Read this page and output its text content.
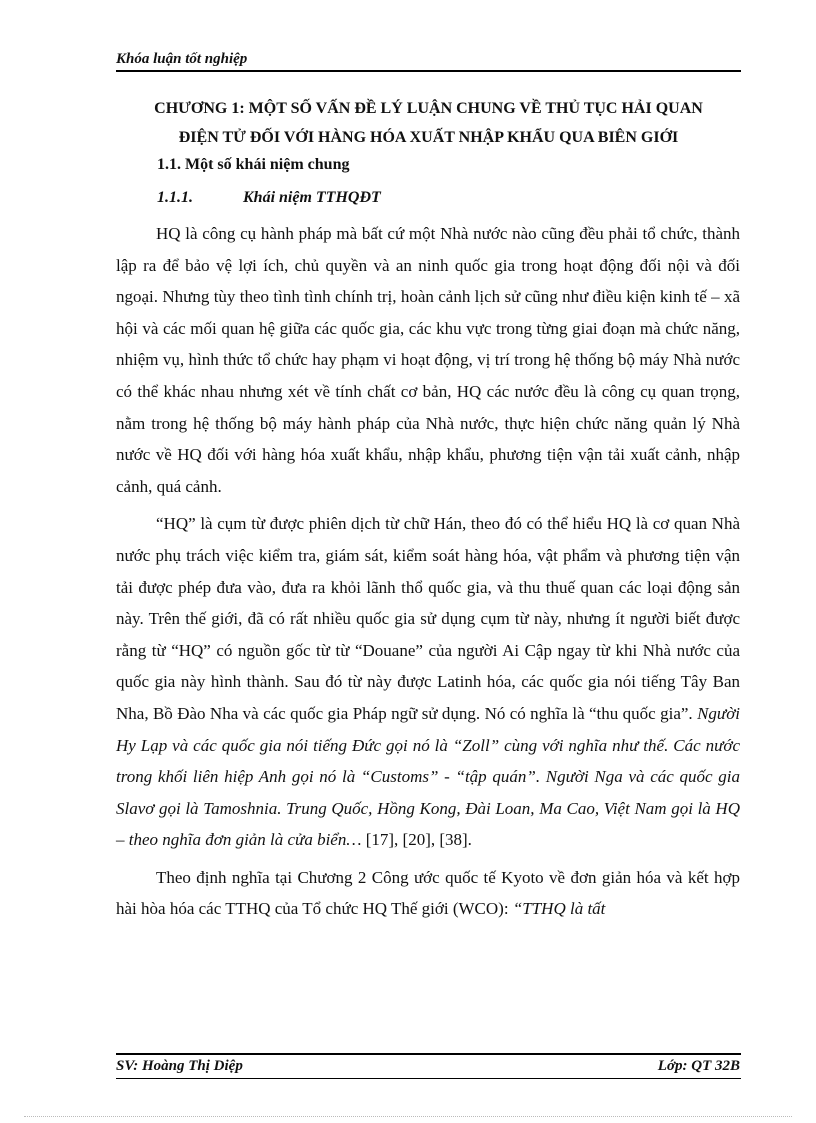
Khóa luận tốt nghiệp
CHƯƠNG 1: MỘT SỐ VẤN ĐỀ LÝ LUẬN CHUNG VỀ THỦ TỤC HẢI QUAN
ĐIỆN TỬ ĐỐI VỚI HÀNG HÓA XUẤT NHẬP KHẨU QUA BIÊN GIỚI
1.1. Một số khái niệm chung
1.1.1.	Khái niệm TTHQĐT

HQ là công cụ hành pháp mà bất cứ một Nhà nước nào cũng đều phải tổ chức, thành lập ra để bảo vệ lợi ích, chủ quyền và an ninh quốc gia trong hoạt động đối nội và đối ngoại. Nhưng tùy theo tình tình chính trị, hoàn cảnh lịch sử cũng như điều kiện kinh tế – xã hội và các mối quan hệ giữa các quốc gia, các khu vực trong từng giai đoạn mà chức năng, nhiệm vụ, hình thức tổ chức hay phạm vi hoạt động, vị trí trong hệ thống bộ máy Nhà nước có thể khác nhau nhưng xét về tính chất cơ bản, HQ các nước đều là công cụ quan trọng, nằm trong hệ thống bộ máy hành pháp của Nhà nước, thực hiện chức năng quản lý Nhà nước về HQ đối với hàng hóa xuất khẩu, nhập khẩu, phương tiện vận tải xuất cảnh, nhập cảnh, quá cảnh.

“HQ” là cụm từ được phiên dịch từ chữ Hán, theo đó có thể hiểu HQ là cơ quan Nhà nước phụ trách việc kiểm tra, giám sát, kiểm soát hàng hóa, vật phẩm và phương tiện vận tải được phép đưa vào, đưa ra khỏi lãnh thổ quốc gia, và thu thuế quan các loại động sản này. Trên thế giới, đã có rất nhiều quốc gia sử dụng cụm từ này, nhưng ít người biết được rằng từ “HQ” có nguồn gốc từ từ “Douane” của người Ai Cập ngay từ khi Nhà nước của quốc gia này hình thành. Sau đó từ này được Latinh hóa, các quốc gia nói tiếng Tây Ban Nha, Bồ Đào Nha và các quốc gia Pháp ngữ sử dụng. Nó có nghĩa là “thu quốc gia”. Người Hy Lạp và các quốc gia nói tiếng Đức gọi nó là “Zoll” cùng với nghĩa như thế. Các nước trong khối liên hiệp Anh gọi nó là “Customs” - “tập quán”. Người Nga và các quốc gia Slavơ gọi là Tamoshnia. Trung Quốc, Hồng Kong, Đài Loan, Ma Cao, Việt Nam gọi là HQ – theo nghĩa đơn giản là cửa biển… [17], [20], [38].

Theo định nghĩa tại Chương 2 Công ước quốc tế Kyoto về đơn giản hóa và kết hợp hài hòa hóa các TTHQ của Tổ chức HQ Thế giới (WCO): “TTHQ là tất

SV: Hoàng Thị Diệp	Lớp: QT 32B
